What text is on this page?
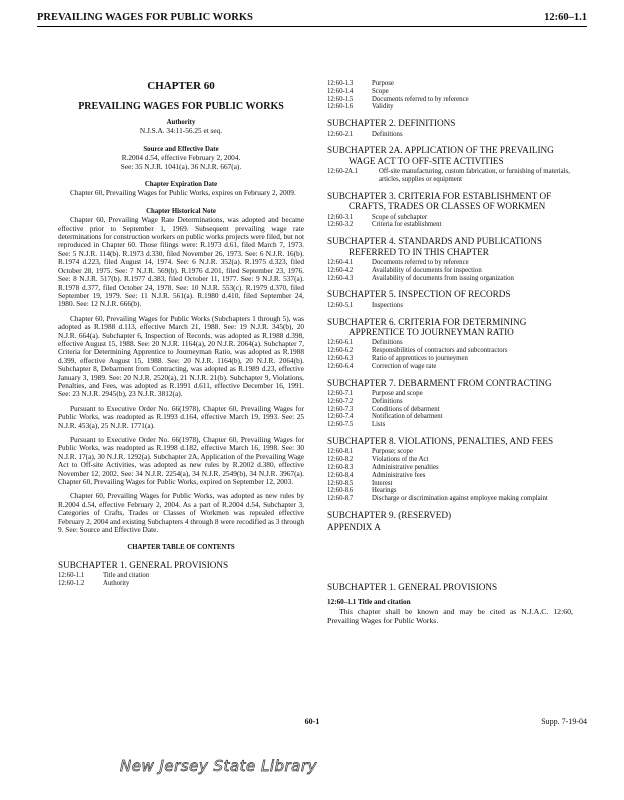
PREVAILING WAGES FOR PUBLIC WORKS	12:60–1.1
CHAPTER 60
PREVAILING WAGES FOR PUBLIC WORKS
Authority
N.J.S.A. 34:11-56.25 et seq.
Source and Effective Date
R.2004 d.54, effective February 2, 2004.
See: 35 N.J.R. 1041(a), 36 N.J.R. 667(a).
Chapter Expiration Date

Chapter 60, Prevailing Wages for Public Works, expires on February 2, 2009.

Chapter Historical Note

Chapter 60, Prevailing Wage Rate Determinations, was adopted and became effective prior to September 1, 1969. Subsequent prevailing wage rate determinations for construction workers on public works projects were filed, but not reproduced in Chapter 60. Those filings were: R.1973 d.61, filed March 7, 1973. See: 5 N.J.R. 114(b). R.1973 d.330, filed November 26, 1973. See: 6 N.J.R. 16(b). R.1974 d.223, filed August 14, 1974. See: 6 N.J.R. 352(a). R.1975 d.323, filed October 28, 1975. See: 7 N.J.R. 569(b). R.1976 d.201, filed September 23, 1976. See: 8 N.J.R. 517(b). R.1977 d.383, filed October 11, 1977. See: 9 N.J.R. 537(a). R.1978 d.377, filed October 24, 1978. See: 10 N.J.R. 553(c). R.1979 d.370, filed September 19, 1979. See: 11 N.J.R. 561(a). R.1980 d.410, filed September 24, 1980. See: 12 N.J.R. 666(b).

Chapter 60, Prevailing Wages for Public Works (Subchapters 1 through 5), was adopted as R.1988 d.113, effective March 21, 1988. See: 19 N.J.R. 345(b), 20 N.J.R. 664(a). Subchapter 6, Inspection of Records, was adopted as R.1988 d.398, effective August 15, 1988. See: 20 N.J.R. 1164(a), 20 N.J.R. 2064(a). Subchapter 7, Criteria for Determining Apprentice to Journeyman Ratio, was adopted as R.1988 d.399, effective August 15, 1988. See: 20 N.J.R. 1164(b), 20 N.J.R. 2064(b). Subchapter 8, Debarment from Contracting, was adopted as R.1989 d.23, effective January 3, 1989. See: 20 N.J.R. 2520(a), 21 N.J.R. 21(b). Subchapter 9, Violations, Penalties, and Fees, was adopted as R.1991 d.611, effective December 16, 1991. See: 23 N.J.R. 2945(b), 23 N.J.R. 3812(a).

Pursuant to Executive Order No. 66(1978), Chapter 60, Prevailing Wages for Public Works, was readopted as R.1993 d.164, effective March 19, 1993. See: 25 N.J.R. 453(a), 25 N.J.R. 1771(a).

Pursuant to Executive Order No. 66(1978), Chapter 60, Prevailing Wages for Public Works, was readopted as R.1998 d.182, effective March 16, 1998. See: 30 N.J.R. 17(a), 30 N.J.R. 1292(a). Subchapter 2A, Application of the Prevailing Wage Act to Off-site Activities, was adopted as new rules by R.2002 d.380, effective November 12, 2002. See: 34 N.J.R. 2254(a), 34 N.J.R. 2549(b), 34 N.J.R. 3967(a). Chapter 60, Prevailing Wages for Public Works, expired on September 12, 2003.

Chapter 60, Prevailing Wages for Public Works, was adopted as new rules by R.2004 d.54, effective February 2, 2004. As a part of R.2004 d.54, Subchapter 3, Categories of Crafts, Trades or Classes of Workmen was repealed effective February 2, 2004 and existing Subchapters 4 through 8 were recodified as 3 through 9. See: Source and Effective Date.

CHAPTER TABLE OF CONTENTS
SUBCHAPTER 1. GENERAL PROVISIONS
12:60-1.1	Title and citation
12:60-1.2	Authority
12:60-1.3	Purpose
12:60-1.4	Scope
12:60-1.5	Documents referred to by reference
12:60-1.6	Validity
SUBCHAPTER 2. DEFINITIONS
12:60-2.1	Definitions
SUBCHAPTER 2A. APPLICATION OF THE PREVAILING WAGE ACT TO OFF-SITE ACTIVITIES
12:60-2A.1	Off-site manufacturing, custom fabrication, or furnishing of materials, articles, supplies or equipment
SUBCHAPTER 3. CRITERIA FOR ESTABLISHMENT OF CRAFTS, TRADES OR CLASSES OF WORKMEN
12:60-3.1	Scope of subchapter
12:60-3.2	Criteria for establishment
SUBCHAPTER 4. STANDARDS AND PUBLICATIONS REFERRED TO IN THIS CHAPTER
12:60-4.1	Documents referred to by reference
12:60-4.2	Availability of documents for inspection
12:60-4.3	Availability of documents from issuing organization
SUBCHAPTER 5. INSPECTION OF RECORDS
12:60-5.1	Inspections
SUBCHAPTER 6. CRITERIA FOR DETERMINING APPRENTICE TO JOURNEYMAN RATIO
12:60-6.1	Definitions
12:60-6.2	Responsibilities of contractors and subcontractors
12:60-6.3	Ratio of apprentices to journeymen
12:60-6.4	Correction of wage rate
SUBCHAPTER 7. DEBARMENT FROM CONTRACTING
12:60-7.1	Purpose and scope
12:60-7.2	Definitions
12:60-7.3	Conditions of debarment
12:60-7.4	Notification of debarment
12:60-7.5	Lists
SUBCHAPTER 8. VIOLATIONS, PENALTIES, AND FEES
12:60-8.1	Purpose; scope
12:60-8.2	Violations of the Act
12:60-8.3	Administrative penalties
12:60-8.4	Administrative fees
12:60-8.5	Interest
12:60-8.6	Hearings
12:60-8.7	Discharge or discrimination against employee making complaint
SUBCHAPTER 9. (RESERVED)
APPENDIX A
SUBCHAPTER 1. GENERAL PROVISIONS
12:60–1.1 Title and citation

This chapter shall be known and may be cited as N.J.A.C. 12:60, Prevailing Wages for Public Works.

60-1	Supp. 7-19-04
New Jersey State Library
